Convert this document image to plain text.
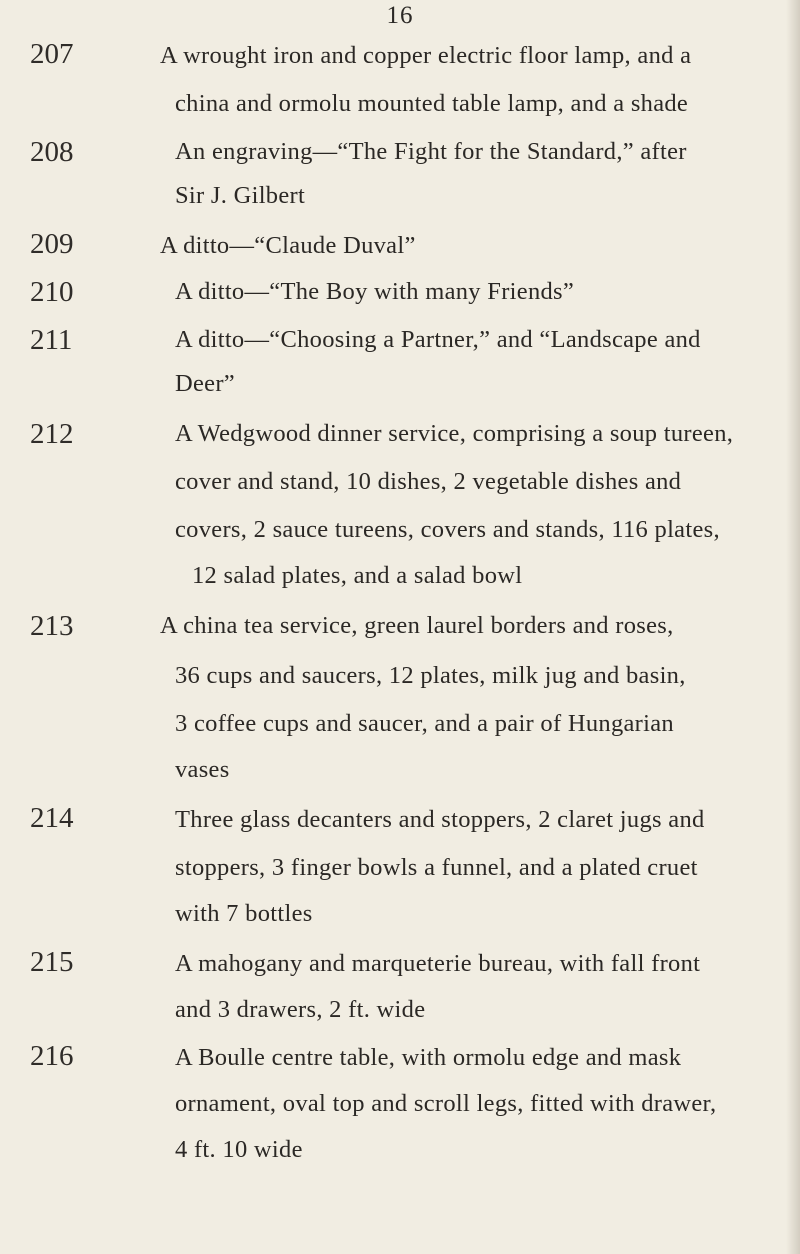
16
207	A wrought iron and copper electric floor lamp, and a
china and ormolu mounted table lamp, and a shade
208	An engraving—“The Fight for the Standard,” after
Sir J. Gilbert
209	A ditto—“Claude Duval”
210	A ditto—“The Boy with many Friends”
211	A ditto—“Choosing a Partner,” and “Landscape and
Deer”
212	A Wedgwood dinner service, comprising a soup tureen,
cover and stand, 10 dishes, 2 vegetable dishes and
covers, 2 sauce tureens, covers and stands, 116 plates,
12 salad plates, and a salad bowl
213	A china tea service, green laurel borders and roses,
36 cups and saucers, 12 plates, milk jug and basin,
3 coffee cups and saucer, and a pair of Hungarian
vases
214	Three glass decanters and stoppers, 2 claret jugs and
stoppers, 3 finger bowls a funnel, and a plated cruet
with 7 bottles
215	A mahogany and marqueterie bureau, with fall front
and 3 drawers, 2 ft. wide
216	A Boulle centre table, with ormolu edge and mask
ornament, oval top and scroll legs, fitted with drawer,
4 ft. 10 wide
